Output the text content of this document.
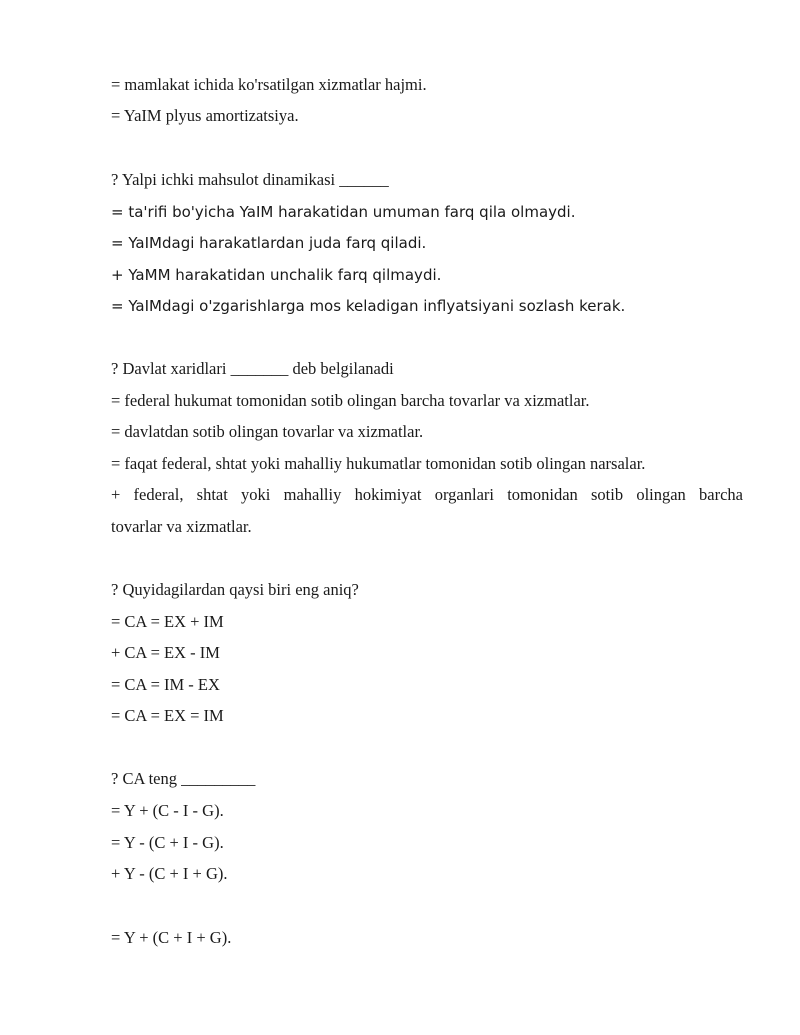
= mamlakat ichida ko'rsatilgan xizmatlar hajmi.
= YaIM plyus amortizatsiya.
? Yalpi ichki mahsulot dinamikasi ______
= ta'rifi bo'yicha YaIM harakatidan umuman farq qila olmaydi.
= YaIMdagi harakatlardan juda farq qiladi.
+ YaMM harakatidan unchalik farq qilmaydi.
= YaIMdagi o'zgarishlarga mos keladigan inflyatsiyani sozlash kerak.
? Davlat xaridlari _______ deb belgilanadi
= federal hukumat tomonidan sotib olingan barcha tovarlar va xizmatlar.
= davlatdan sotib olingan tovarlar va xizmatlar.
= faqat federal, shtat yoki mahalliy hukumatlar tomonidan sotib olingan narsalar.
+ federal, shtat yoki mahalliy hokimiyat organlari tomonidan sotib olingan barcha
tovarlar va xizmatlar.
? Quyidagilardan qaysi biri eng aniq?
= CA = EX + IM
+ CA = EX - IM
= CA = IM - EX
= CA = EX = IM
? CA teng _________
= Y + (C - I - G).
= Y - (C + I - G).
+ Y - (C + I + G).
= Y + (C + I + G).
